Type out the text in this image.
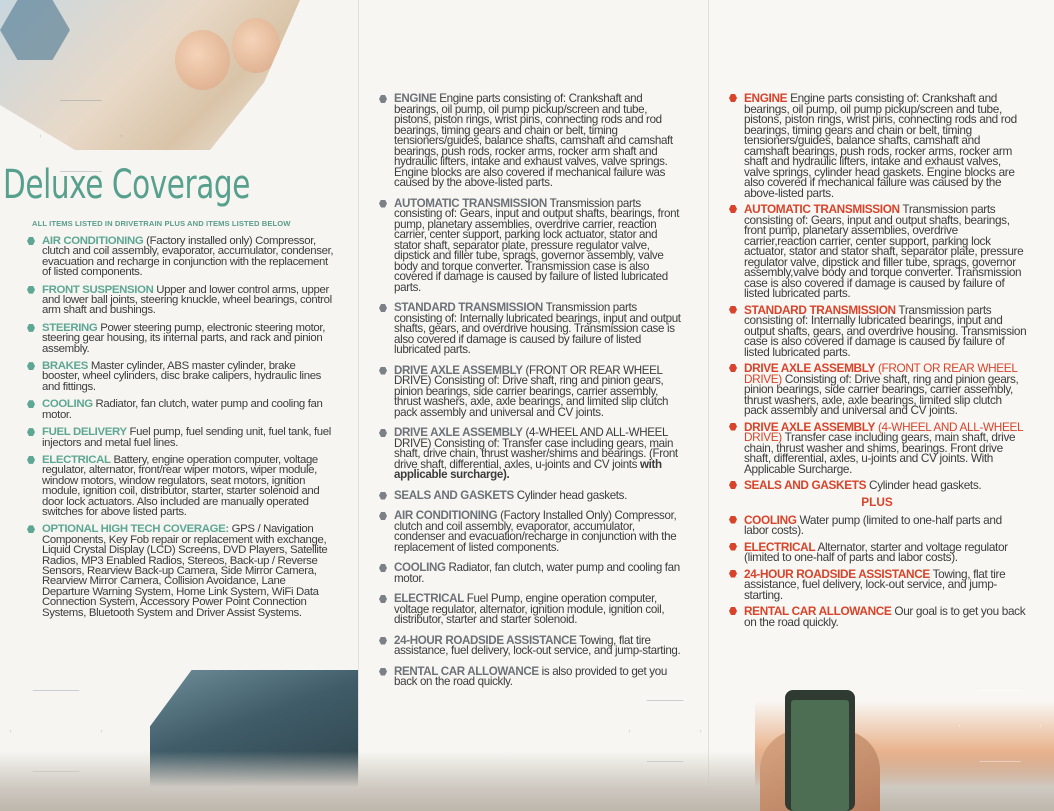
Deluxe Coverage
ALL ITEMS LISTED IN DRIVETRAIN PLUS AND ITEMS LISTED BELOW
AIR CONDITIONING (Factory installed only) Compressor, clutch and coil assembly, evaporator, accumulator, condenser, evacuation and recharge in conjunction with the replacement of listed components.
FRONT SUSPENSION Upper and lower control arms, upper and lower ball joints, steering knuckle, wheel bearings, control arm shaft and bushings.
STEERING Power steering pump, electronic steering motor, steering gear housing, its internal parts, and rack and pinion assembly.
BRAKES Master cylinder, ABS master cylinder, brake booster, wheel cylinders, disc brake calipers, hydraulic lines and fittings.
COOLING Radiator, fan clutch, water pump and cooling fan motor.
FUEL DELIVERY Fuel pump, fuel sending unit, fuel tank, fuel injectors and metal fuel lines.
ELECTRICAL Battery, engine operation computer, voltage regulator, alternator, front/rear wiper motors, wiper module, window motors, window regulators, seat motors, ignition module, ignition coil, distributor, starter, starter solenoid and door lock actuators. Also included are manually operated switches for above listed parts.
OPTIONAL HIGH TECH COVERAGE: GPS / Navigation Components, Key Fob repair or replacement with exchange, Liquid Crystal Display (LCD) Screens, DVD Players, Satellite Radios, MP3 Enabled Radios, Stereos, Back-up / Reverse Sensors, Rearview Back-up Camera, Side Mirror Camera, Rearview Mirror Camera, Collision Avoidance, Lane Departure Warning System, Home Link System, WiFi Data Connection System, Accessory Power Point Connection Systems, Bluetooth System and Driver Assist Systems.
ENGINE Engine parts consisting of: Crankshaft and bearings, oil pump, oil pump pickup/screen and tube, pistons, piston rings, wrist pins, connecting rods and rod bearings, timing gears and chain or belt, timing tensioners/guides, balance shafts, camshaft and camshaft bearings, push rods, rocker arms, rocker arm shaft and hydraulic lifters, intake and exhaust valves, valve springs. Engine blocks are also covered if mechanical failure was caused by the above-listed parts.
AUTOMATIC TRANSMISSION Transmission parts consisting of: Gears, input and output shafts, bearings, front pump, planetary assemblies, overdrive carrier, reaction carrier, center support, parking lock actuator, stator and stator shaft, separator plate, pressure regulator valve, dipstick and filler tube, sprags, governor assembly, valve body and torque converter. Transmission case is also covered if damage is caused by failure of listed lubricated parts.
STANDARD TRANSMISSION Transmission parts consisting of: Internally lubricated bearings, input and output shafts, gears, and overdrive housing. Transmission case is also covered if damage is caused by failure of listed lubricated parts.
DRIVE AXLE ASSEMBLY (FRONT OR REAR WHEEL DRIVE) Consisting of: Drive shaft, ring and pinion gears, pinion bearings, side carrier bearings, carrier assembly, thrust washers, axle, axle bearings, and limited slip clutch pack assembly and universal and CV joints.
DRIVE AXLE ASSEMBLY (4-WHEEL AND ALL-WHEEL DRIVE) Consisting of: Transfer case including gears, main shaft, drive chain, thrust washer/shims and bearings. (Front drive shaft, differential, axles, u-joints and CV joints with applicable surcharge).
SEALS AND GASKETS Cylinder head gaskets.
AIR CONDITIONING (Factory Installed Only) Compressor, clutch and coil assembly, evaporator, accumulator, condenser and evacuation/recharge in conjunction with the replacement of listed components.
COOLING Radiator, fan clutch, water pump and cooling fan motor.
ELECTRICAL Fuel Pump, engine operation computer, voltage regulator, alternator, ignition module, ignition coil, distributor, starter and starter solenoid.
24-HOUR ROADSIDE ASSISTANCE Towing, flat tire assistance, fuel delivery, lock-out service, and jump-starting.
RENTAL CAR ALLOWANCE is also provided to get you back on the road quickly.
ENGINE Engine parts consisting of: Crankshaft and bearings, oil pump, oil pump pickup/screen and tube, pistons, piston rings, wrist pins, connecting rods and rod bearings, timing gears and chain or belt, timing tensioners/guides, balance shafts, camshaft and camshaft bearings, push rods, rocker arms, rocker arm shaft and hydraulic lifters, intake and exhaust valves, valve springs, cylinder head gaskets. Engine blocks are also covered if mechanical failure was caused by the above-listed parts.
AUTOMATIC TRANSMISSION Transmission parts consisting of: Gears, input and output shafts, bearings, front pump, planetary assemblies, overdrive carrier,reaction carrier, center support, parking lock actuator, stator and stator shaft, separator plate, pressure regulator valve, dipstick and filler tube, sprags, governor assembly,valve body and torque converter. Transmission case is also covered if damage is caused by failure of listed lubricated parts.
STANDARD TRANSMISSION Transmission parts consisting of: Internally lubricated bearings, input and output shafts, gears, and overdrive housing. Transmission case is also covered if damage is caused by failure of listed lubricated parts.
DRIVE AXLE ASSEMBLY (FRONT OR REAR WHEEL DRIVE) Consisting of: Drive shaft, ring and pinion gears, pinion bearings, side carrier bearings, carrier assembly, thrust washers, axle, axle bearings, limited slip clutch pack assembly and universal and CV joints.
DRIVE AXLE ASSEMBLY (4-WHEEL AND ALL-WHEEL DRIVE) Transfer case including gears, main shaft, drive chain, thrust washer and shims, bearings. Front drive shaft, differential, axles, u-joints and CV joints. With Applicable Surcharge.
SEALS AND GASKETS Cylinder head gaskets.
PLUS
COOLING Water pump (limited to one-half parts and labor costs).
ELECTRICAL Alternator, starter and voltage regulator (limited to one-half of parts and labor costs).
24-HOUR ROADSIDE ASSISTANCE Towing, flat tire assistance, fuel delivery, lock-out service, and jump-starting.
RENTAL CAR ALLOWANCE Our goal is to get you back on the road quickly.
